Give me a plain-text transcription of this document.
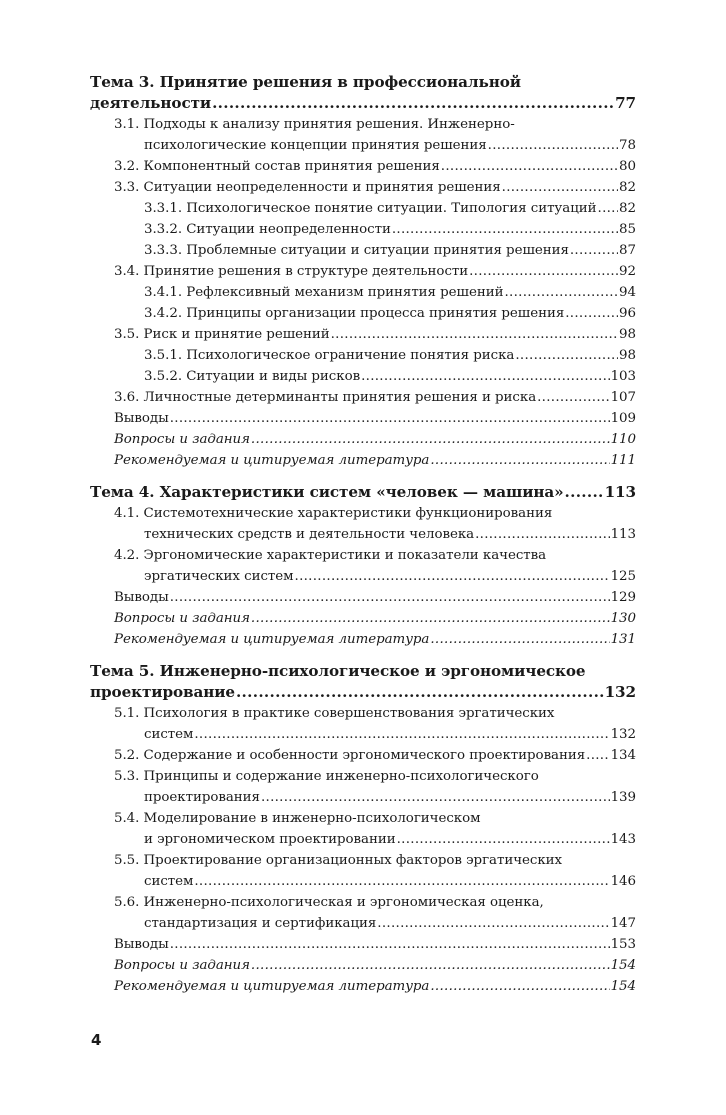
Тема 3. Принятие решения в профессиональной
деятельности .....	77
3.1. Подходы к анализу принятия решения. Инженерно-
психологические концепции принятия решения .....	78
3.2. Компонентный состав принятия решения .....	80
3.3. Ситуации неопределенности и принятия решения .....	82
3.3.1. Психологическое понятие ситуации. Типология ситуаций ..... 82
3.3.2. Ситуации неопределенности .....	85
3.3.3. Проблемные ситуации и ситуации принятия решения .....	87
3.4. Принятие решения в структуре деятельности .....	92
3.4.1. Рефлексивный механизм принятия решений .....	94
3.4.2. Принципы организации процесса принятия решения .....	96
3.5. Риск и принятие решений .....	98
3.5.1. Психологическое ограничение понятия риска .....	98
3.5.2. Ситуации и виды рисков .....	103
3.6. Личностные детерминанты принятия решения и риска .....	107
Выводы .....	109
Вопросы и задания .....	110
Рекомендуемая и цитируемая литература .....	111
Тема 4. Характеристики систем «человек — машина» .....	113
4.1. Системотехнические характеристики функционирования
технических средств и деятельности человека .....	113
4.2. Эргономические характеристики и показатели качества
эргатических систем .....	125
Выводы .....	129
Вопросы и задания .....	130
Рекомендуемая и цитируемая литература .....	131
Тема 5. Инженерно-психологическое и эргономическое
проектирование .....	132
5.1. Психология в практике совершенствования эргатических
систем .....	132
5.2. Содержание и особенности эргономического проектирования ..... 134
5.3. Принципы и содержание инженерно-психологического
проектирования .....	139
5.4. Моделирование в инженерно-психологическом
и эргономическом проектировании .....	143
5.5. Проектирование организационных факторов эргатических
систем .....	146
5.6. Инженерно-психологическая и эргономическая оценка,
стандартизация и сертификация .....	147
Выводы .....	153
Вопросы и задания .....	154
Рекомендуемая и цитируемая литература .....	154
4
